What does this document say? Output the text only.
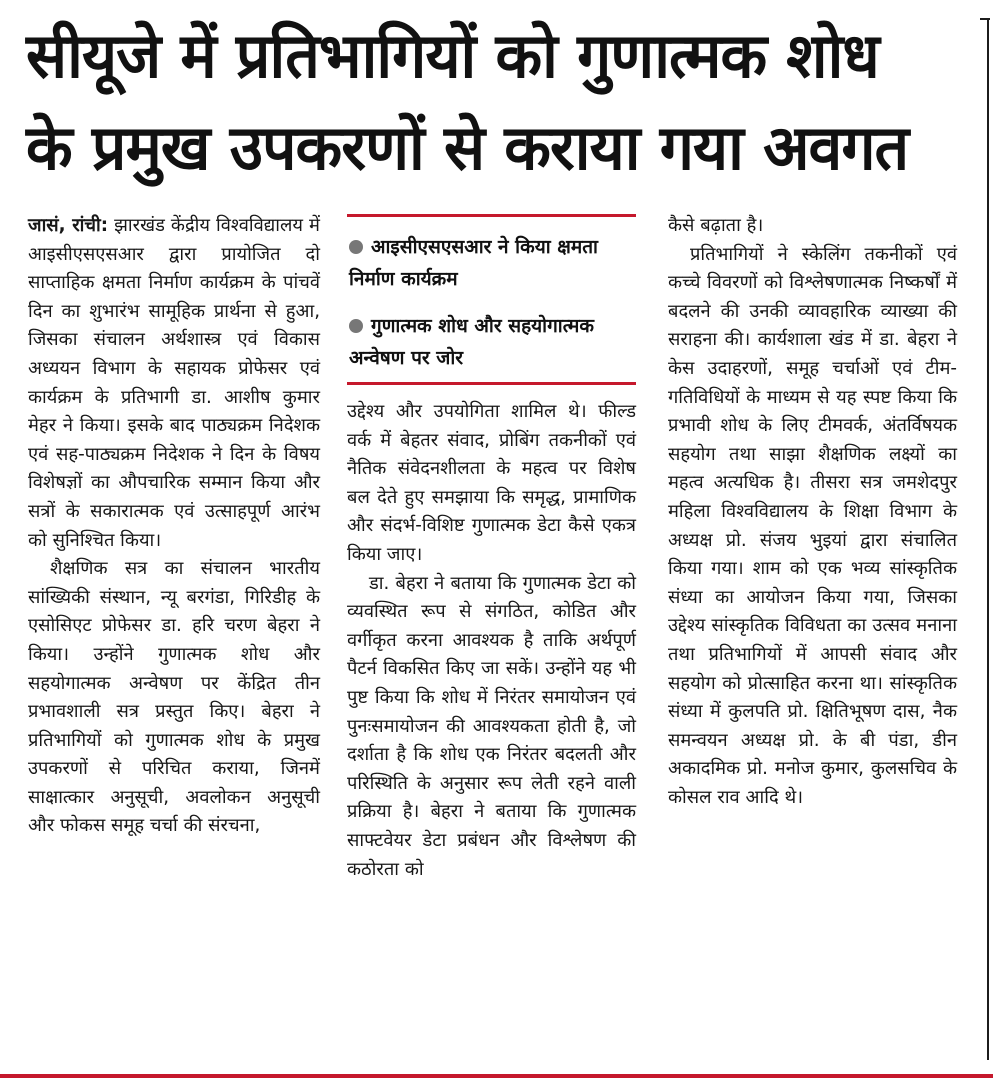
सीयूजे में प्रतिभागियों को गुणात्मक शोध
के प्रमुख उपकरणों से कराया गया अवगत

जासं, रांची: झारखंड केंद्रीय विश्वविद्यालय में आइसीएसएसआर द्वारा प्रायोजित दो साप्ताहिक क्षमता निर्माण कार्यक्रम के पांचवें दिन का शुभारंभ सामूहिक प्रार्थना से हुआ, जिसका संचालन अर्थशास्त्र एवं विकास अध्ययन विभाग के सहायक प्रोफेसर एवं कार्यक्रम के प्रतिभागी डा. आशीष कुमार मेहर ने किया। इसके बाद पाठ्यक्रम निदेशक एवं सह-पाठ्यक्रम निदेशक ने दिन के विषय विशेषज्ञों का औपचारिक सम्मान किया और सत्रों के सकारात्मक एवं उत्साहपूर्ण आरंभ को सुनिश्चित किया।

शैक्षणिक सत्र का संचालन भारतीय सांख्यिकी संस्थान, न्यू बरगंडा, गिरिडीह के एसोसिएट प्रोफेसर डा. हरि चरण बेहरा ने किया। उन्होंने गुणात्मक शोध और सहयोगात्मक अन्वेषण पर केंद्रित तीन प्रभावशाली सत्र प्रस्तुत किए। बेहरा ने प्रतिभागियों को गुणात्मक शोध के प्रमुख उपकरणों से परिचित कराया, जिनमें साक्षात्कार अनुसूची, अवलोकन अनुसूची और फोकस समूह चर्चा की संरचना,

आइसीएसएसआर ने किया क्षमता निर्माण कार्यक्रम
गुणात्मक शोध और सहयोगात्मक अन्वेषण पर जोर

उद्देश्य और उपयोगिता शामिल थे। फील्ड वर्क में बेहतर संवाद, प्रोबिंग तकनीकों एवं नैतिक संवेदनशीलता के महत्व पर विशेष बल देते हुए समझाया कि समृद्ध, प्रामाणिक और संदर्भ-विशिष्ट गुणात्मक डेटा कैसे एकत्र किया जाए।

डा. बेहरा ने बताया कि गुणात्मक डेटा को व्यवस्थित रूप से संगठित, कोडित और वर्गीकृत करना आवश्यक है ताकि अर्थपूर्ण पैटर्न विकसित किए जा सकें। उन्होंने यह भी पुष्ट किया कि शोध में निरंतर समायोजन एवं पुनःसमायोजन की आवश्यकता होती है, जो दर्शाता है कि शोध एक निरंतर बदलती और परिस्थिति के अनुसार रूप लेती रहने वाली प्रक्रिया है। बेहरा ने बताया कि गुणात्मक साफ्टवेयर डेटा प्रबंधन और विश्लेषण की कठोरता को

कैसे बढ़ाता है।

प्रतिभागियों ने स्केलिंग तकनीकों एवं कच्चे विवरणों को विश्लेषणात्मक निष्कर्षों में बदलने की उनकी व्यावहारिक व्याख्या की सराहना की। कार्यशाला खंड में डा. बेहरा ने केस उदाहरणों, समूह चर्चाओं एवं टीम-गतिविधियों के माध्यम से यह स्पष्ट किया कि प्रभावी शोध के लिए टीमवर्क, अंतर्विषयक सहयोग तथा साझा शैक्षणिक लक्ष्यों का महत्व अत्यधिक है। तीसरा सत्र जमशेदपुर महिला विश्वविद्यालय के शिक्षा विभाग के अध्यक्ष प्रो. संजय भुइयां द्वारा संचालित किया गया। शाम को एक भव्य सांस्कृतिक संध्या का आयोजन किया गया, जिसका उद्देश्य सांस्कृतिक विविधता का उत्सव मनाना तथा प्रतिभागियों में आपसी संवाद और सहयोग को प्रोत्साहित करना था। सांस्कृतिक संध्या में कुलपति प्रो. क्षितिभूषण दास, नैक समन्वयन अध्यक्ष प्रो. के बी पंडा, डीन अकादमिक प्रो. मनोज कुमार, कुलसचिव के कोसल राव आदि थे।
